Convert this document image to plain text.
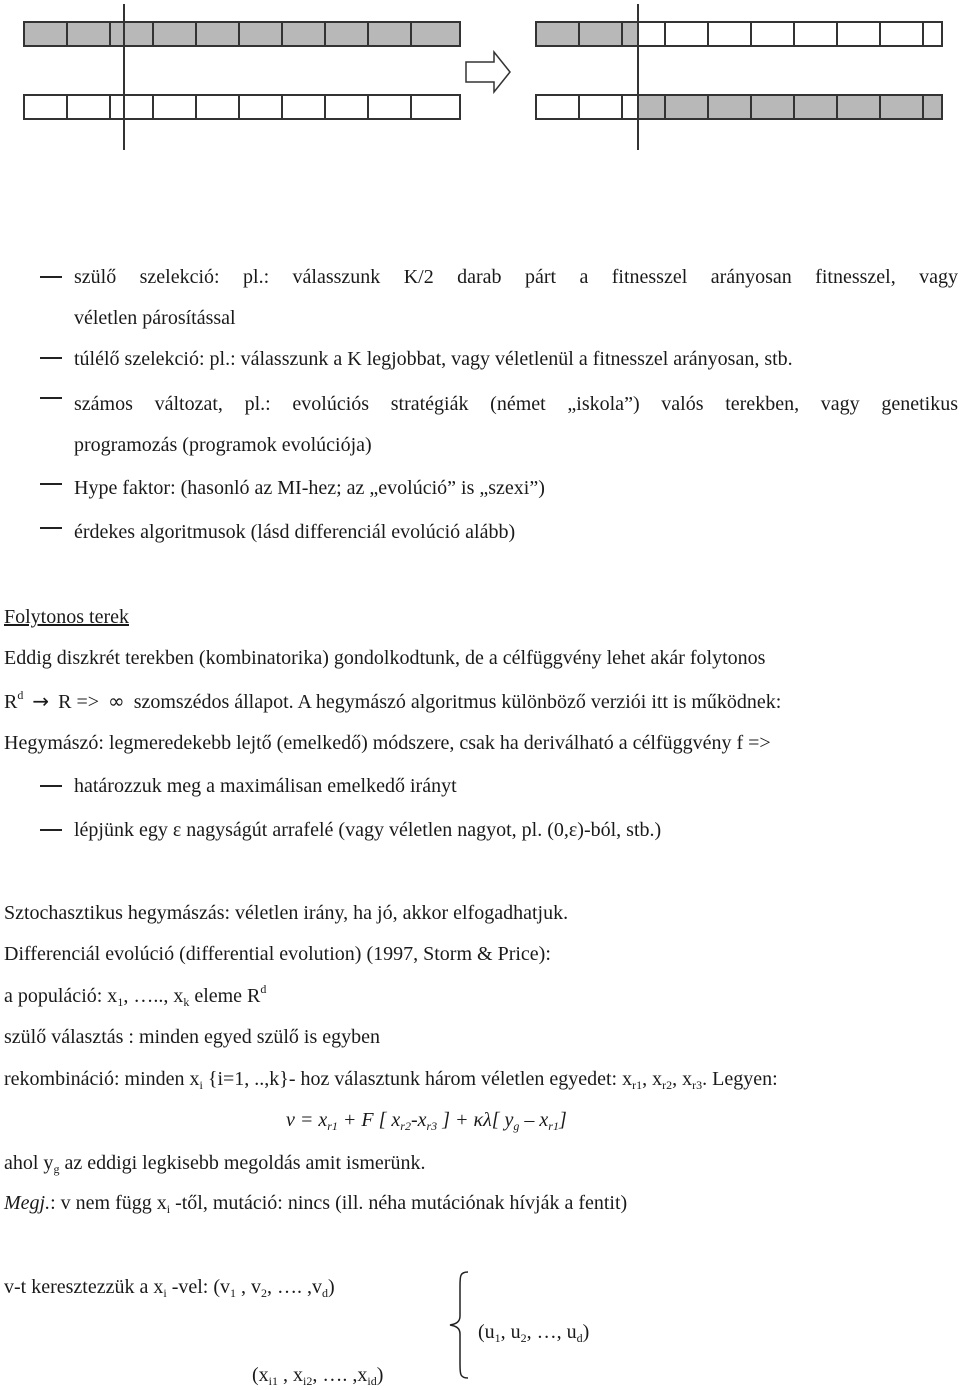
szülő szelekció: pl.: válasszunk K/2 darab párt a fitnesszel arányosan fitnesszel, vagy
véletlen párosítással
túlélő szelekció: pl.: válasszunk a K legjobbat, vagy véletlenül a fitnesszel arányosan, stb.
számos változat, pl.: evolúciós stratégiák (német „iskola”) valós terekben, vagy genetikus
programozás (programok evolúciója)
Hype faktor: (hasonló az MI-hez; az „evolúció” is „szexi”)
érdekes algoritmusok (lásd differenciál evolúció alább)
Folytonos terek
Eddig diszkrét terekben (kombinatorika) gondolkodtunk, de a célfüggvény lehet akár folytonos
$R^d \to R$ => ∞ szomszédos állapot. A hegymászó algoritmus különböző verziói itt is működnek:
Hegymászó: legmeredekebb lejtő (emelkedő) módszere, csak ha deriválható a célfüggvény f =>
határozzuk meg a maximálisan emelkedő irányt
lépjünk egy ε nagyságút arrafelé (vagy véletlen nagyot, pl. (0,ε)-ból, stb.)
Sztochasztikus hegymászás: véletlen irány, ha jó, akkor elfogadhatjuk.
Differenciál evolúció (differential evolution) (1997, Storm & Price):
a populáció: $x_1$, ….., $x_k$ eleme $R^d$
szülő választás : minden egyed szülő is egyben
rekombináció: minden $x_i$ {i=1, ..,k}- hoz választunk három véletlen egyedet: $x_{r1}$, $x_{r2}$, $x_{r3}$. Legyen:
$v = x_{r1} + F$ [ $x_{r2}-x_{r3}$ ] + κλ[ $y_g - x_{r1}$]
ahol $y_g$ az eddigi legkisebb megoldás amit ismerünk.
Megj.: v nem függ $x_i$ -től, mutáció: nincs (ill. néha mutációnak hívják a fentit)
v-t keresztezzük a $x_i$ -vel: ($v_1$ , $v_2$, …. $,v_d$)
($u_1$, $u_2$, …, $u_d$)
($x_{i1}$ , $x_{i2}$, …. $,x_{id}$)
